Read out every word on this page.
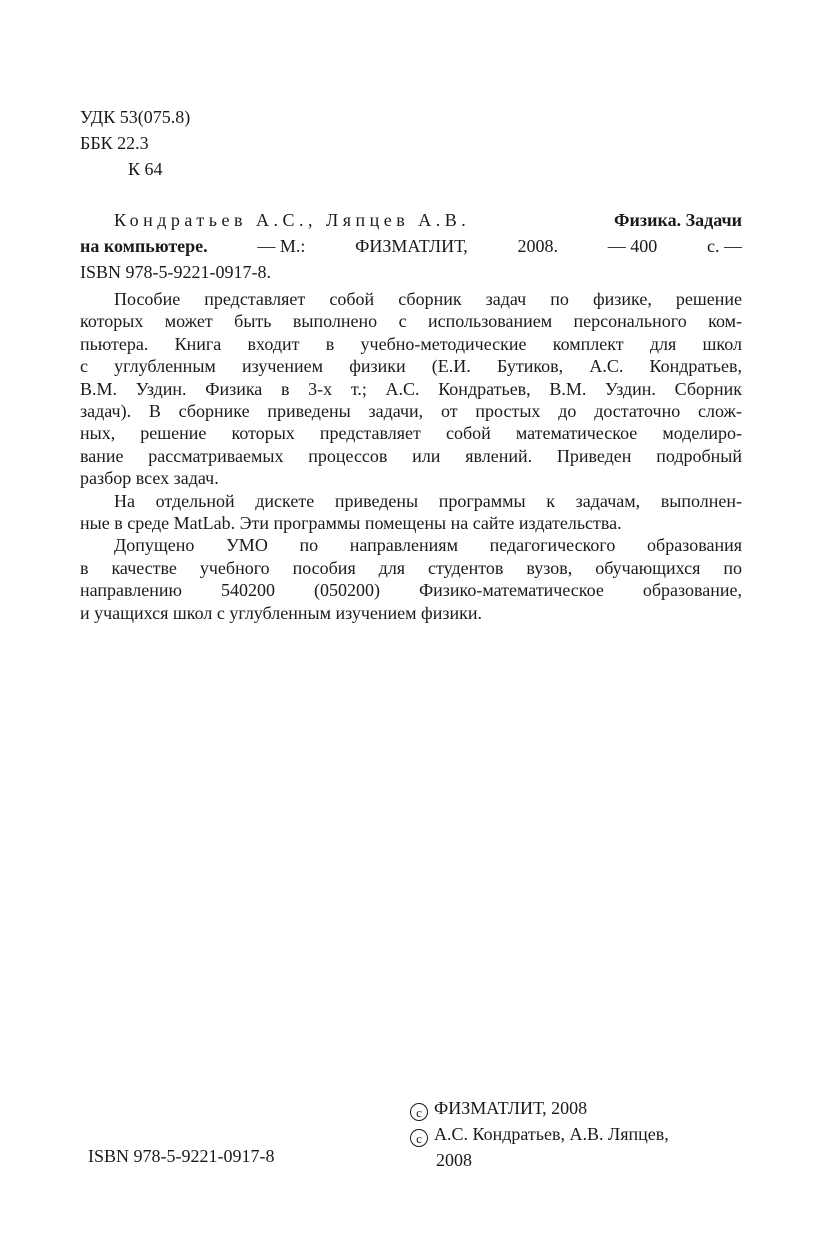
УДК 53(075.8)
ББК 22.3
К 64
Кондратьев А.С., Ляпцев А.В.	Физика. Задачи
на компьютере.	— М.:	ФИЗМАТЛИТ,	2008.	— 400	с. —
ISBN 978-5-9221-0917-8.
Пособие представляет собой сборник задач по физике, решение
которых может быть выполнено с использованием персонального ком-
пьютера. Книга входит в учебно-методические комплект для школ
с углубленным изучением физики (Е.И. Бутиков, А.С. Кондратьев,
В.М. Уздин. Физика в 3-х т.; А.С. Кондратьев, В.М. Уздин. Сборник
задач). В сборнике приведены задачи, от простых до достаточно слож-
ных, решение которых представляет собой математическое моделиро-
вание рассматриваемых процессов или явлений. Приведен подробный
разбор всех задач.
На отдельной дискете приведены программы к задачам, выполнен-
ные в среде MatLab. Эти программы помещены на сайте издательства.
Допущено УМО по направлениям педагогического образования
в качестве учебного пособия для студентов вузов, обучающихся по
направлению 540200 (050200) Физико-математическое образование,
и учащихся школ с углубленным изучением физики.
ISBN 978-5-9221-0917-8
c ФИЗМАТЛИТ, 2008
c А.С. Кондратьев, А.В. Ляпцев,
2008
